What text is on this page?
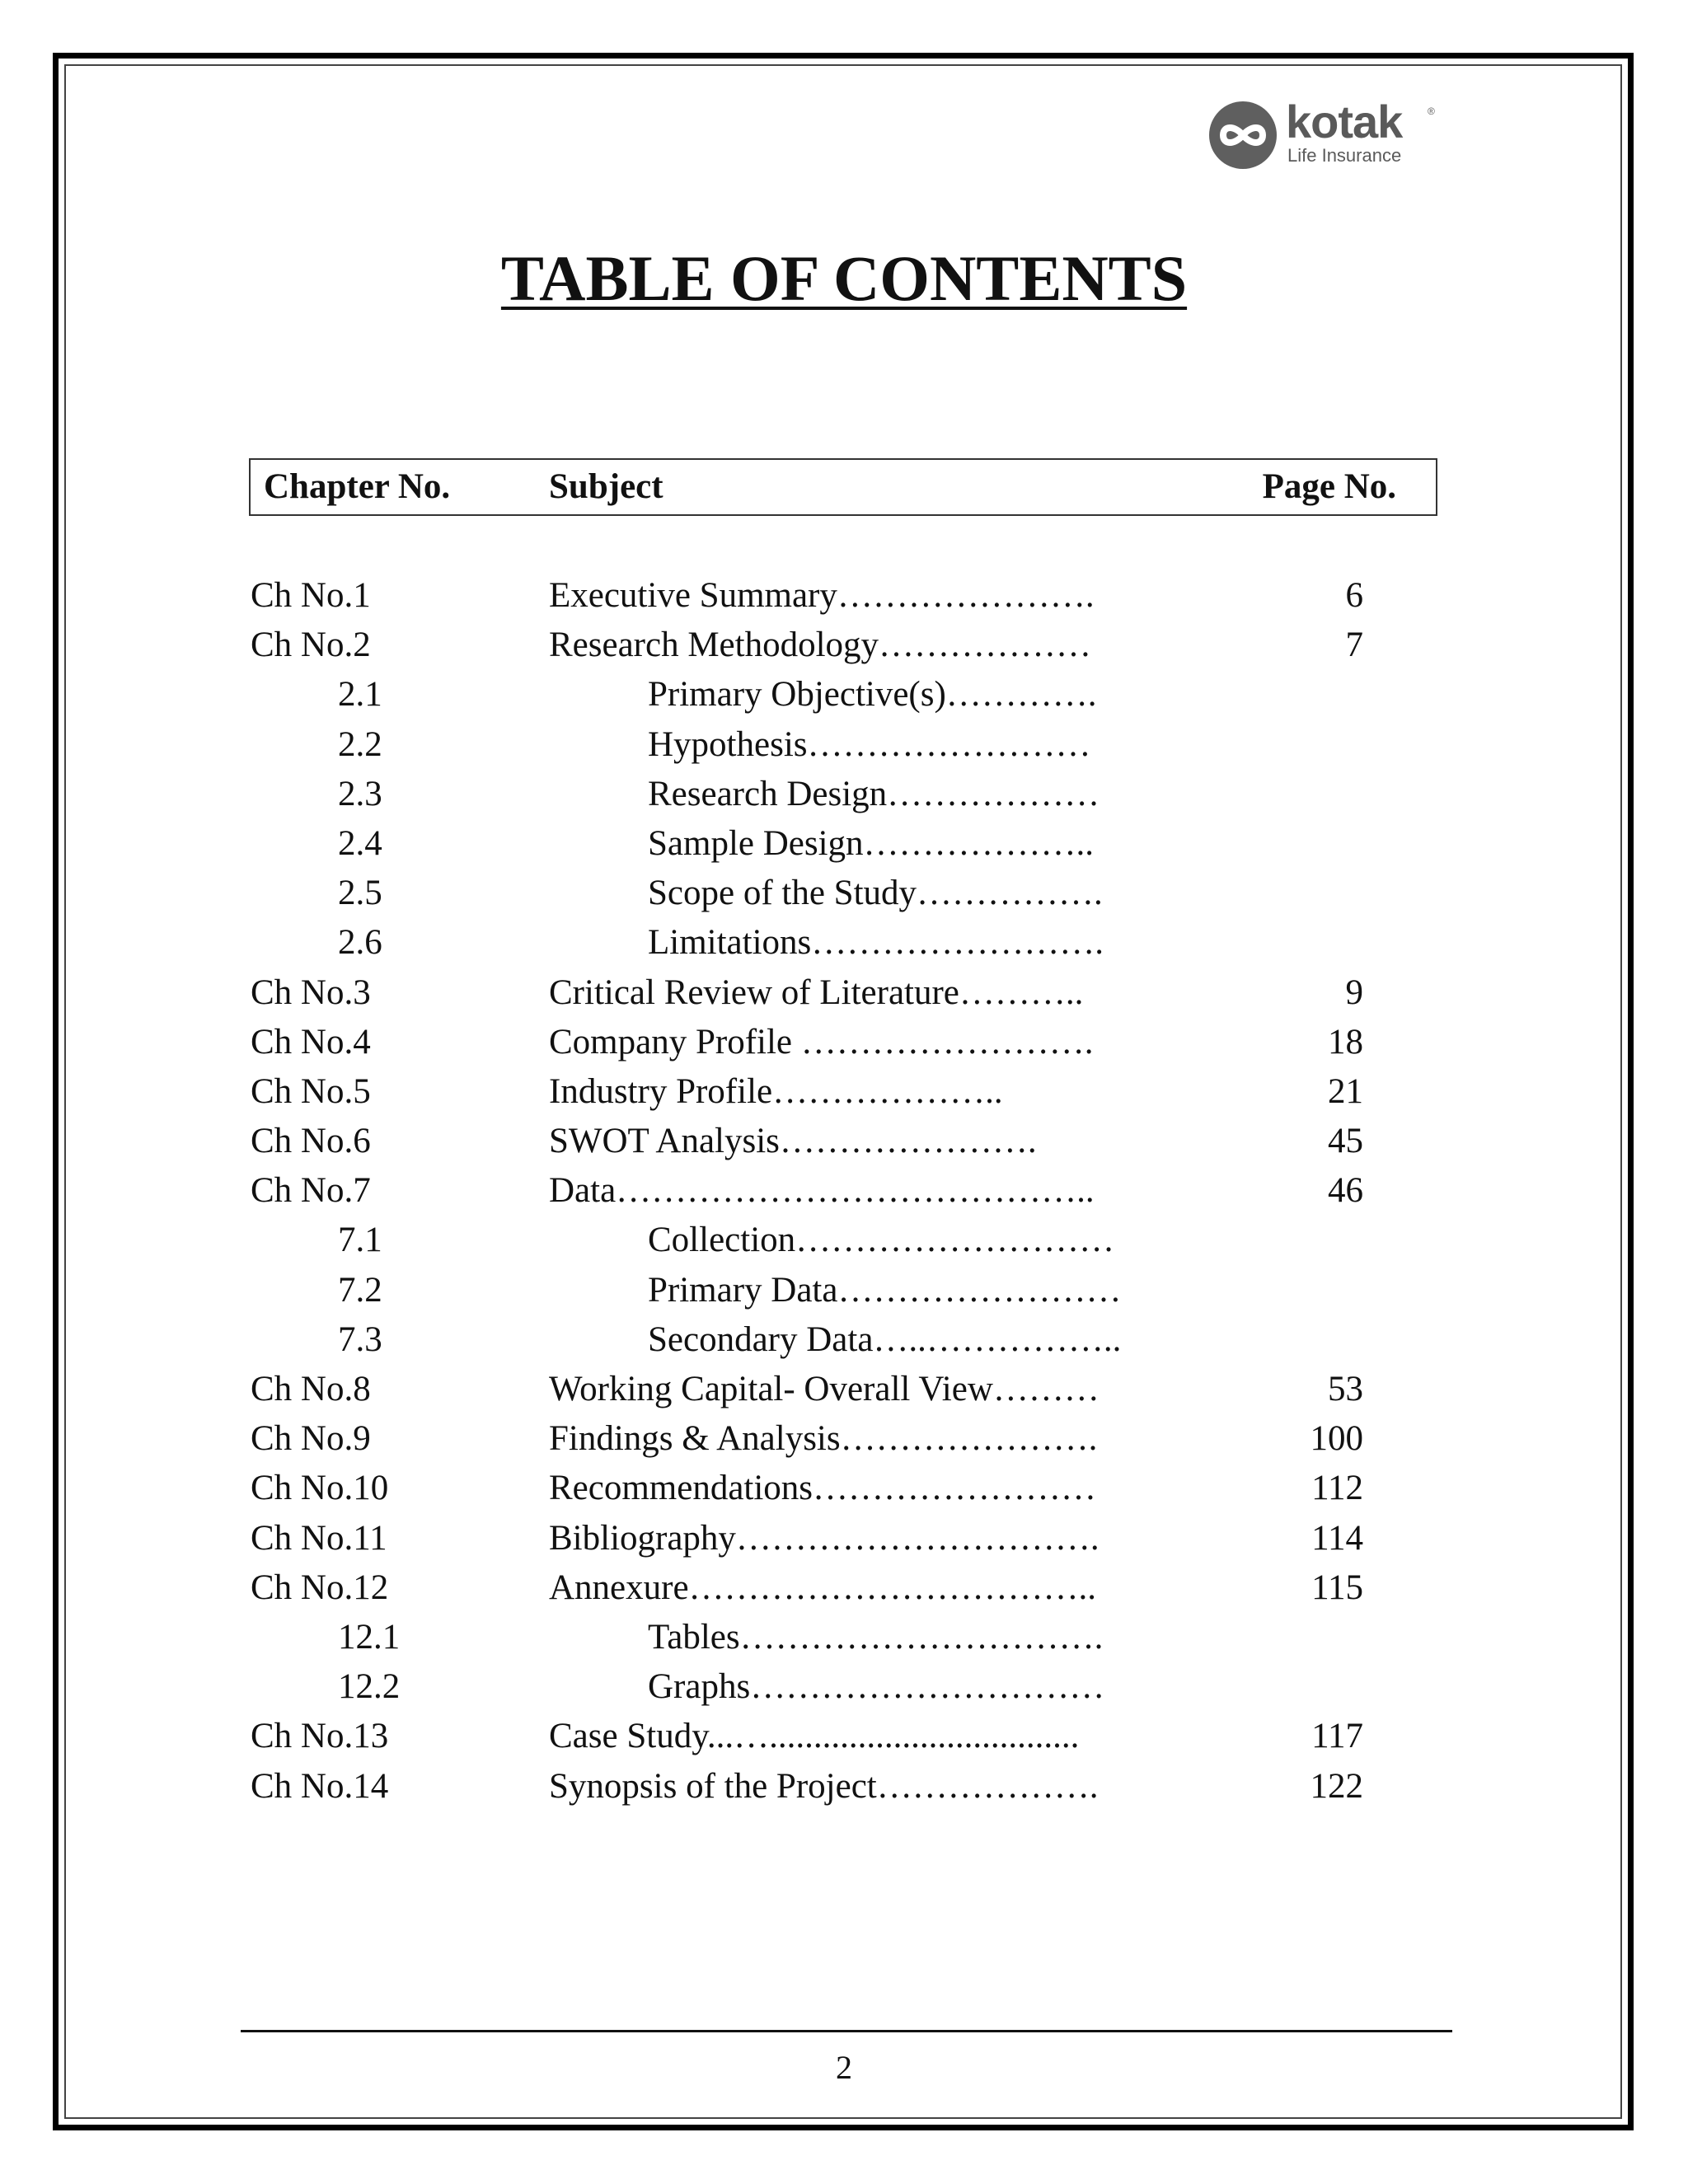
kotak	®
Life Insurance
TABLE OF CONTENTS
Chapter No.	Subject	Page No.
Ch No.1	Executive Summary………………….	6
Ch No.2	Research Methodology………………	7
2.1	Primary Objective(s)………….
2.2	Hypothesis……………………
2.3	Research Design………………
2.4	Sample Design………………..
2.5	Scope of the Study…………….
2.6	Limitations…………………….
Ch No.3	Critical Review of Literature………..	9
Ch No.4	Company Profile …………………….	18
Ch No.5	Industry Profile………………..	21
Ch No.6	SWOT Analysis………………….	45
Ch No.7	Data…………………………………..	46
7.1	Collection………………………
7.2	Primary Data……………………
7.3	Secondary Data…..……………..
Ch No.8	Working Capital- Overall View………	53
Ch No.9	Findings & Analysis………………….	100
Ch No.10	Recommendations……………………	112
Ch No.11	Bibliography………………………….	114
Ch No.12	Annexure……………………………..	115
12.1	Tables………………………….
12.2	Graphs…………………………
Ch No.13	Case Study...…...................................	117
Ch No.14	Synopsis of the Project……………….	122
2
